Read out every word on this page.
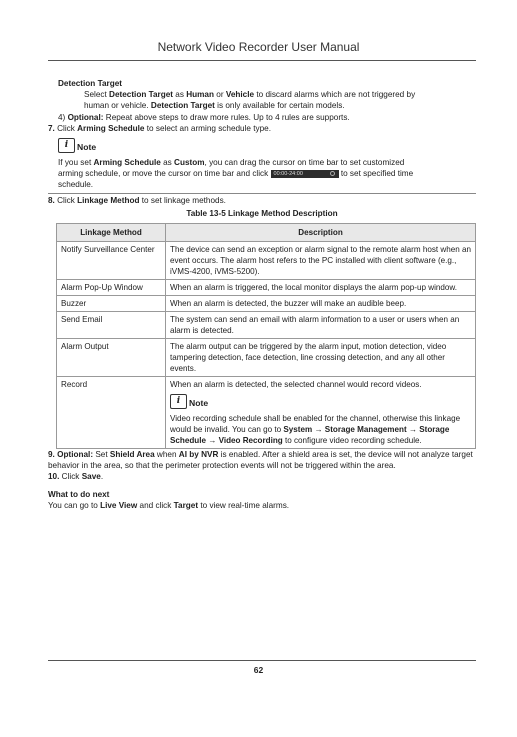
Network Video Recorder User Manual

Detection Target

Select Detection Target as Human or Vehicle to discard alarms which are not triggered by
human or vehicle. Detection Target is only available for certain models.

4) Optional: Repeat above steps to draw more rules. Up to 4 rules are supports.

7. Click Arming Schedule to select an arming schedule type.

i	Note

If you set Arming Schedule as Custom, you can drag the cursor on time bar to set customized
arming schedule, or move the cursor on time bar and click 00:00-24:00	to set specified time
schedule.

8. Click Linkage Method to set linkage methods.

Table 13-5 Linkage Method Description

Linkage Method	Description
Notify Surveillance Center	The device can send an exception or alarm signal to the remote alarm host when an event occurs. The alarm host refers to the PC installed with client software (e.g., iVMS-4200, iVMS-5200).
Alarm Pop-Up Window	When an alarm is triggered, the local monitor displays the alarm pop-up window.
Buzzer	When an alarm is detected, the buzzer will make an audible beep.
Send Email	The system can send an email with alarm information to a user or users when an alarm is detected.
Alarm Output	The alarm output can be triggered by the alarm input, motion detection, video tampering detection, face detection, line crossing detection, and any all other events.
Record	When an alarm is detected, the selected channel would record videos.
i Note
Video recording schedule shall be enabled for the channel, otherwise this linkage would be invalid. You can go to System → Storage Management → Storage Schedule → Video Recording to configure video recording schedule.

9. Optional: Set Shield Area when AI by NVR is enabled. After a shield area is set, the device will not analyze target behavior in the area, so that the perimeter protection events will not be triggered within the area.

10. Click Save.

What to do next

You can go to Live View and click Target to view real-time alarms.

62
